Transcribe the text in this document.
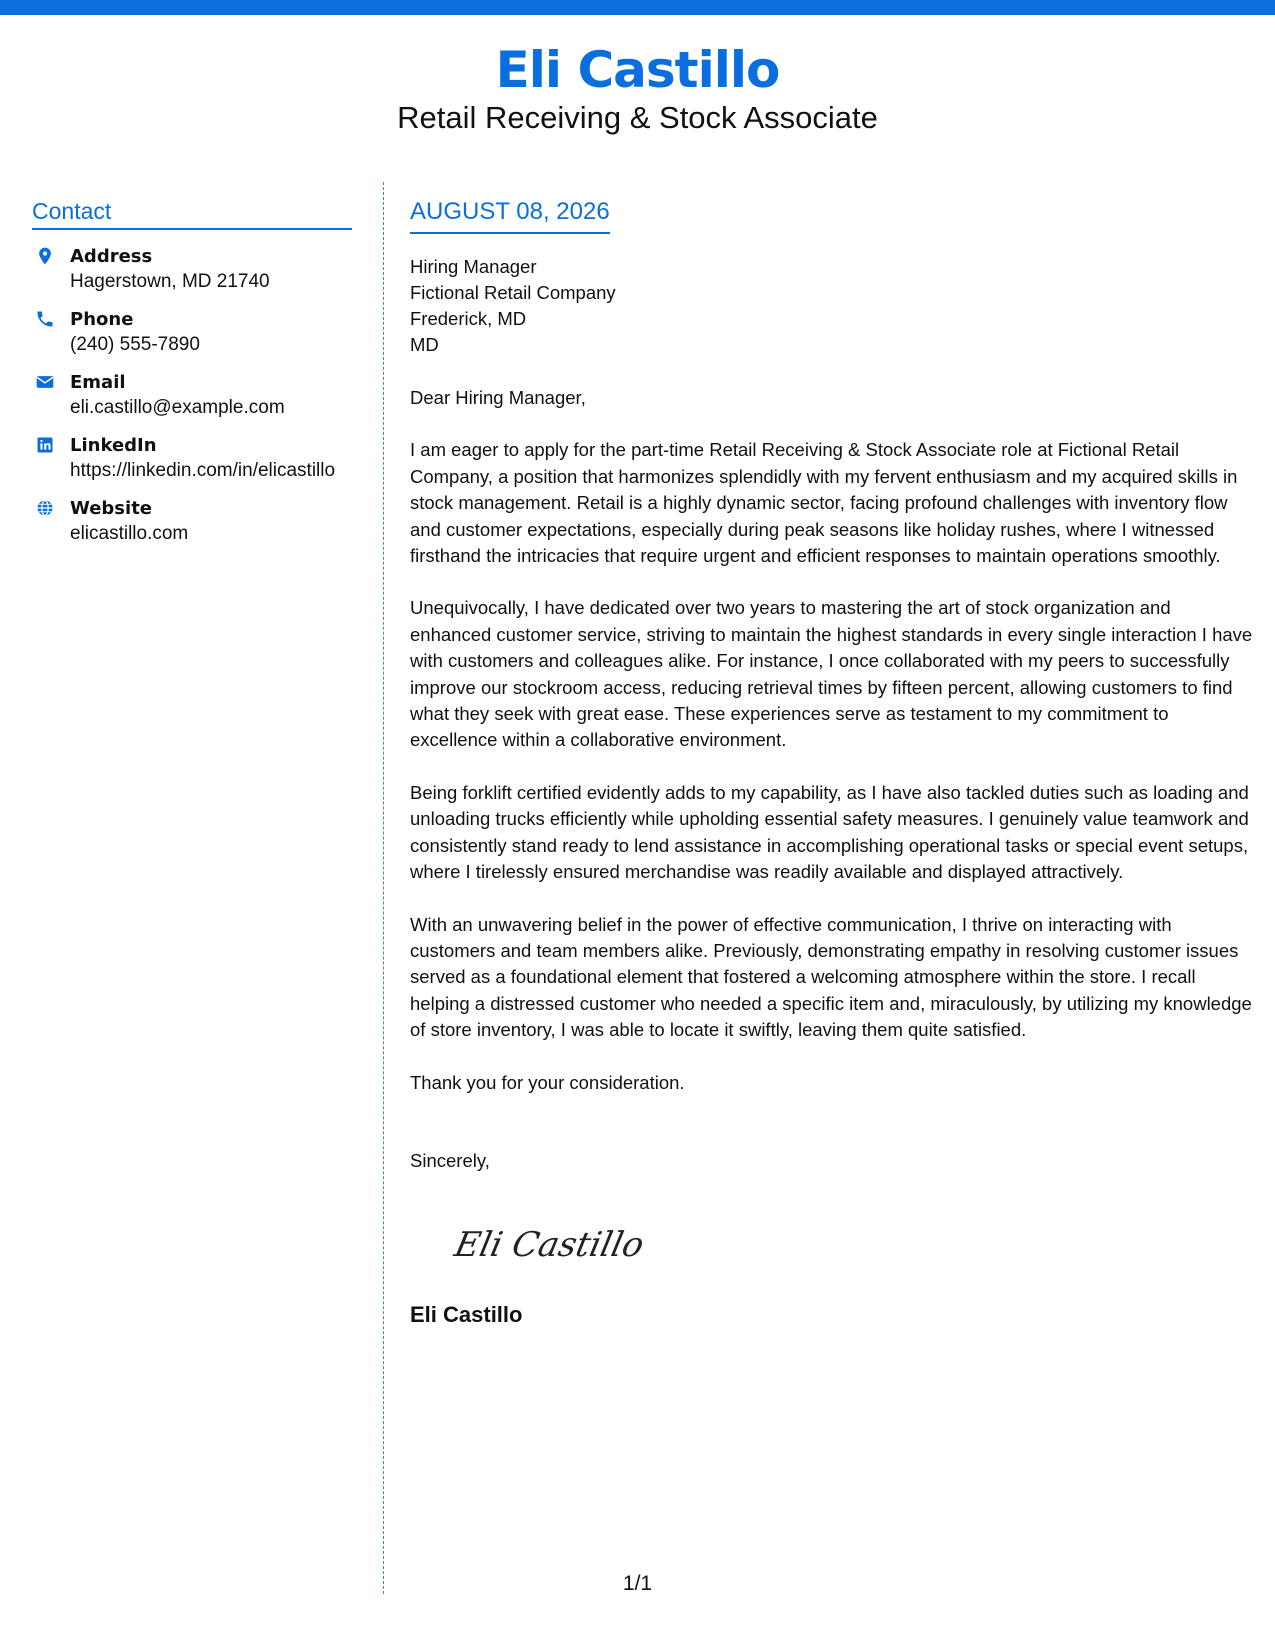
Eli Castillo
Retail Receiving & Stock Associate
Contact
Address
Hagerstown, MD 21740
Phone
(240) 555-7890
Email
eli.castillo@example.com
LinkedIn
https://linkedin.com/in/elicastillo
Website
elicastillo.com
AUGUST 08, 2026
Hiring Manager
Fictional Retail Company
Frederick, MD
MD

Dear Hiring Manager,

I am eager to apply for the part-time Retail Receiving & Stock Associate role at Fictional Retail Company, a position that harmonizes splendidly with my fervent enthusiasm and my acquired skills in stock management. Retail is a highly dynamic sector, facing profound challenges with inventory flow and customer expectations, especially during peak seasons like holiday rushes, where I witnessed firsthand the intricacies that require urgent and efficient responses to maintain operations smoothly.

Unequivocally, I have dedicated over two years to mastering the art of stock organization and enhanced customer service, striving to maintain the highest standards in every single interaction I have with customers and colleagues alike. For instance, I once collaborated with my peers to successfully improve our stockroom access, reducing retrieval times by fifteen percent, allowing customers to find what they seek with great ease. These experiences serve as testament to my commitment to excellence within a collaborative environment.

Being forklift certified evidently adds to my capability, as I have also tackled duties such as loading and unloading trucks efficiently while upholding essential safety measures. I genuinely value teamwork and consistently stand ready to lend assistance in accomplishing operational tasks or special event setups, where I tirelessly ensured merchandise was readily available and displayed attractively.

With an unwavering belief in the power of effective communication, I thrive on interacting with customers and team members alike. Previously, demonstrating empathy in resolving customer issues served as a foundational element that fostered a welcoming atmosphere within the store. I recall helping a distressed customer who needed a specific item and, miraculously, by utilizing my knowledge of store inventory, I was able to locate it swiftly, leaving them quite satisfied.

Thank you for your consideration.

Sincerely,

Eli Castillo
Eli Castillo
1/1
